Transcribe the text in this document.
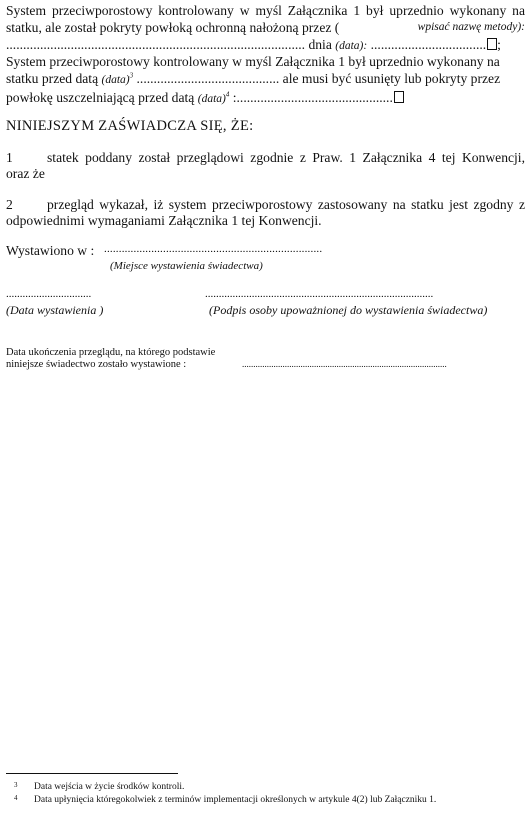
System przeciwporostowy kontrolowany w myśl Załącznika 1 był uprzednio wykonany na
statku, ale został pokryty powłoką ochronną nałożoną przez (	wpisać nazwę metody):
........................................................................................ dnia (data): .................................. ;
System przeciwporostowy kontrolowany w myśl Załącznika 1 był uprzednio wykonany na
statku przed datą (data)$^3$ .......................................... ale musi być usunięty lub pokryty przez
powłokę uszczelniającą przed datą (data)$^4$ :..............................................
NINIEJSZYM ZAŚWIADCZA SIĘ, ŻE:
1	statek poddany został przeglądowi zgodnie z Praw. 1 Załącznika 4 tej Konwencji,
oraz że
2	przegląd wykazał, iż system przeciwporostowy zastosowany na statku jest zgodny z
odpowiednimi wymaganiami Załącznika 1 tej Konwencji.
Wystawiono w : ..........................................................................
(Miejsce wystawienia świadectwa)
...............................	...................................................................................
(Data wystawienia )	(Podpis osoby upoważnionej do wystawienia świadectwa)
Data ukończenia przeglądu, na którego podstawie
niniejsze świadectwo zostało wystawione :	...........................................................................................
3 Data wejścia w życie środków kontroli.
4 Data upłynięcia któregokolwiek z terminów implementacji określonych w artykule 4(2) lub Załączniku 1.
